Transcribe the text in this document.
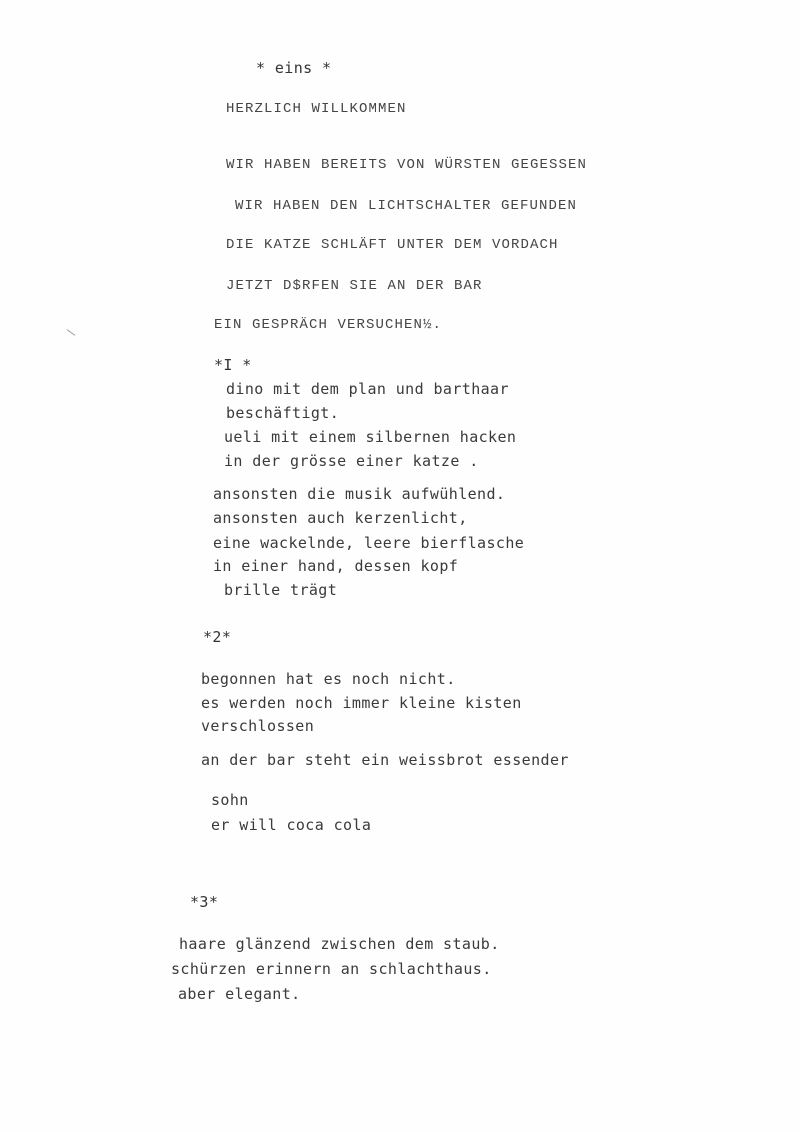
* eins *
HERZLICH WILLKOMMEN
WIR HABEN BEREITS VON WÜRSTEN GEGESSEN
WIR HABEN DEN LICHTSCHALTER GEFUNDEN
DIE KATZE SCHLÄFT UNTER DEM VORDACH
JETZT D$RFEN SIE AN DER BAR
EIN GESPRÄCH VERSUCHEN½.
*I *
dino mit dem plan und barthaar
beschäftigt.
ueli mit einem silbernen hacken
in der grösse einer katze .
ansonsten die musik aufwühlend.
ansonsten auch kerzenlicht,
eine wackelnde, leere bierflasche
in einer hand, dessen kopf
brille trägt
*2*
begonnen hat es noch nicht.
es werden noch immer kleine kisten
verschlossen
an der bar steht ein weissbrot essender
sohn
er will coca cola
*3*
haare glänzend zwischen dem staub.
schürzen erinnern an schlachthaus.
aber elegant.
